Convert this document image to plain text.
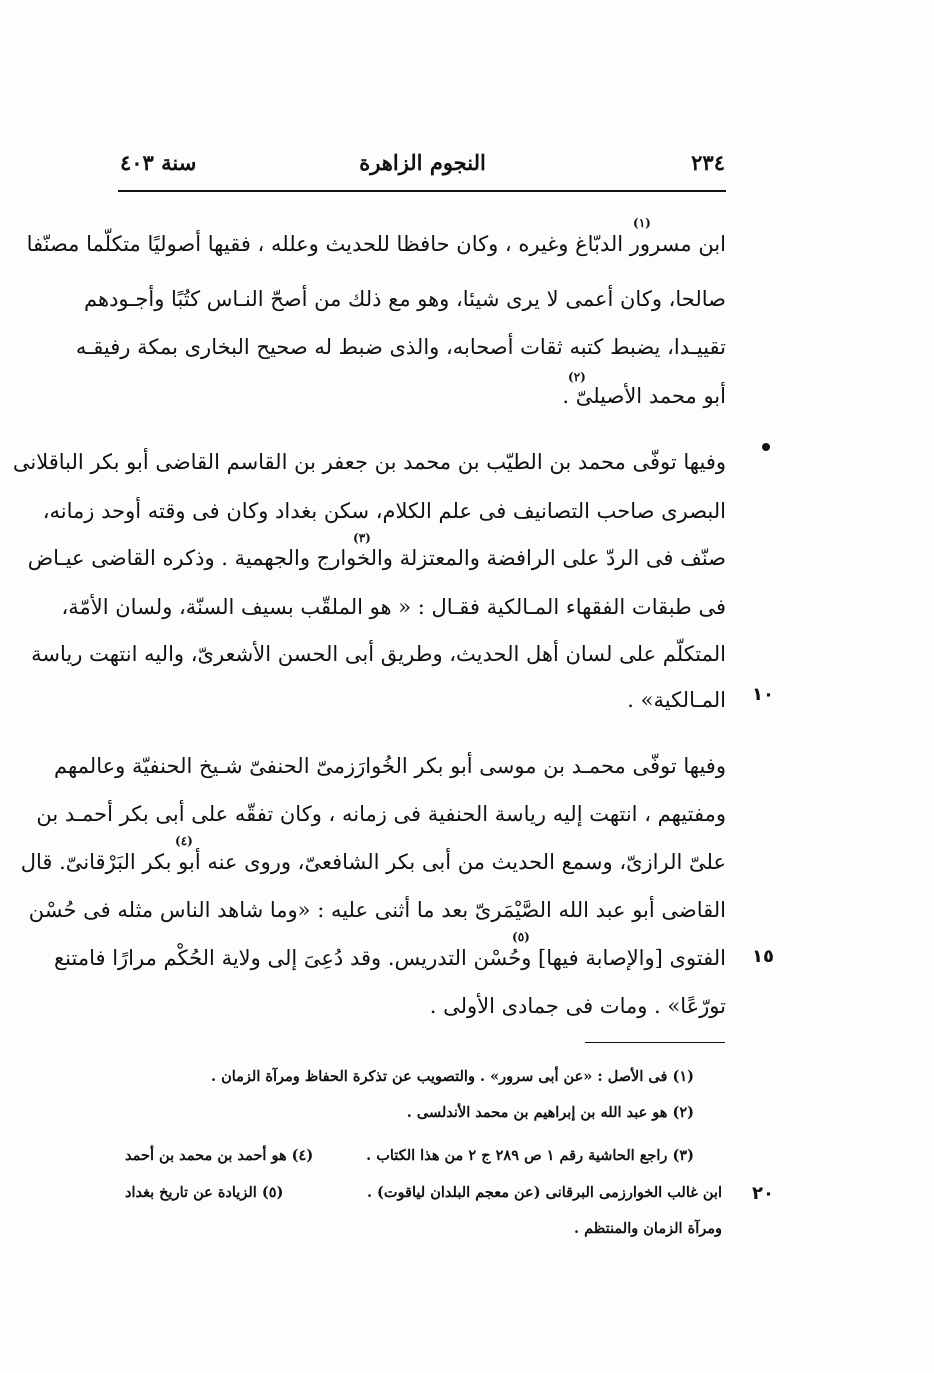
٢٣٤
النجوم الزاهرة
سنة ٤٠٣
ابن مسرور الدبّاغ وغيره ، وكان حافظا للحديث وعلله ، فقيها أصوليًا متكلّما مصنّفا
صالحا، وكان أعمى لا يرى شيئا، وهو مع ذلك من أصحّ النـاس كتُبًا وأجـودهم
تقييـدا، يضبط كتبه ثقات أصحابه، والذى ضبط له صحيح البخارى بمكة رفيقـه
أبو محمد الأصيلىّ .
وفيها توفّى محمد بن الطيّب بن محمد بن جعفر بن القاسم القاضى أبو بكر الباقلانى
البصرى صاحب التصانيف فى علم الكلام، سكن بغداد وكان فى وقته أوحد زمانه،
صنّف فى الردّ على الرافضة والمعتزلة والخوارج والجهمية . وذكره القاضى عيـاض
فى طبقات الفقهاء المـالكية فقـال : « هو الملقّب بسيف السنّة، ولسان الأمّة،
المتكلّم على لسان أهل الحديث، وطريق أبى الحسن الأشعرىّ، واليه انتهت رياسة
المـالكية» . ١٠
وفيها توفّى محمـد بن موسى أبو بكر الخُوارَزمىّ الحنفىّ شـيخ الحنفيّة وعالمهم
ومفتيهم ، انتهت إليه رياسة الحنفية فى زمانه ، وكان تفقّه على أبى بكر أحمـد بن
علىّ الرازىّ، وسمع الحديث من أبى بكر الشافعىّ، وروى عنه أبو بكر البَرْقانىّ. قال
القاضى أبو عبد الله الصَّيْمَرىّ بعد ما أثنى عليه : «وما شاهد الناس مثله فى حُسْن
الفتوى [والإصابة فيها] وحُسْن التدريس. وقد دُعِىَ إلى ولاية الحُكْم مرارًا فامتنع
تورّعًا» . ومات فى جمادى الأولى .
١٥
(١)
(٢)
(٣)
(٤)
(٥)
(١) فى الأصل : «عن أبى سرور» . والتصويب عن تذكرة الحفاظ ومرآة الزمان .
(٢) هو عبد الله بن إبراهيم بن محمد الأندلسى .
(٣) راجع الحاشية رقم ١ ص ٢٨٩ ج ٢ من هذا الكتاب .
(٤) هو أحمد بن محمد بن أحمد
ابن غالب الخوارزمى البرقانى (عن معجم البلدان لياقوت) .
(٥) الزيادة عن تاريخ بغداد
ومرآة الزمان والمنتظم .
٢٠
